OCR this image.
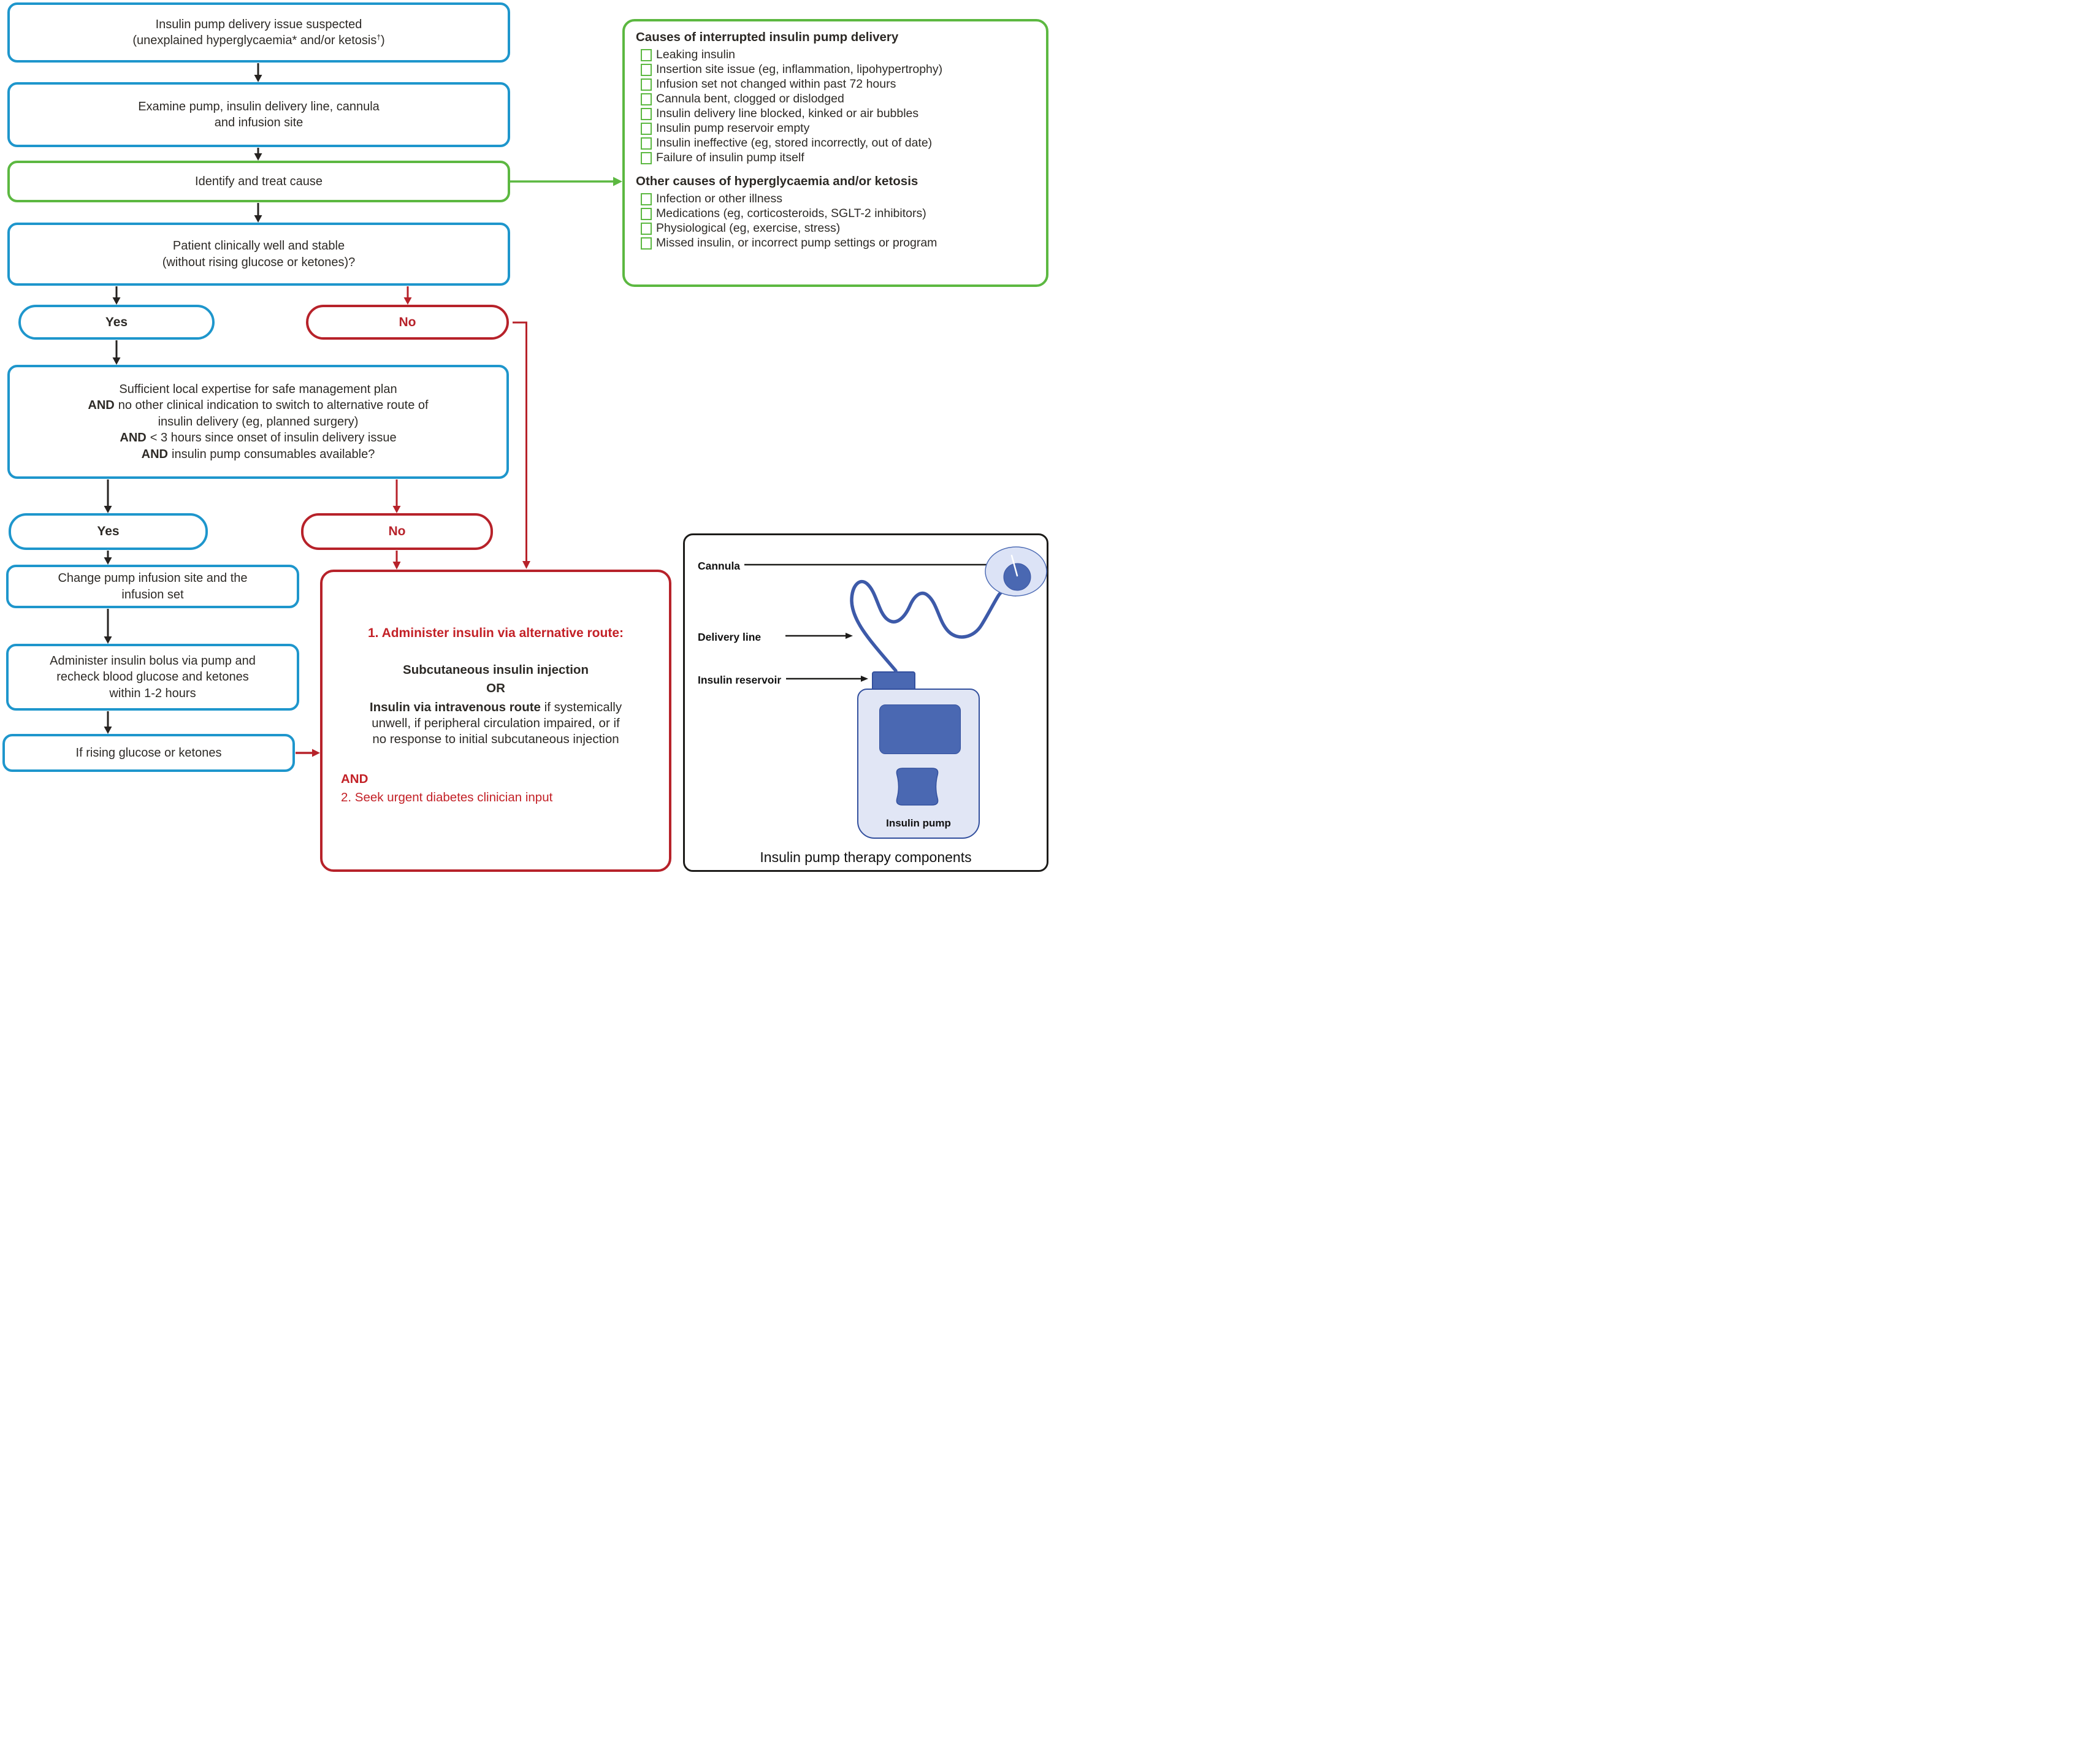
Insulin pump delivery issue suspected
(unexplained hyperglycaemia* and/or ketosis†)
Examine pump, insulin delivery line, cannula
and infusion site
Identify and treat cause
Patient clinically well and stable
(without rising glucose or ketones)?
Yes	No
Sufficient local expertise for safe management plan
AND no other clinical indication to switch to alternative route of
insulin delivery (eg, planned surgery)
AND < 3 hours since onset of insulin delivery issue
AND insulin pump consumables available?
Yes	No
Change pump infusion site and the
infusion set
Administer insulin bolus via pump and
recheck blood glucose and ketones
within 1-2 hours
If rising glucose or ketones
1. Administer insulin via alternative route:
Subcutaneous insulin injection
OR
Insulin via intravenous route if systemically
unwell, if peripheral circulation impaired, or if
no response to initial subcutaneous injection
AND
2. Seek urgent diabetes clinician input
Causes of interrupted insulin pump delivery
Leaking insulin
Insertion site issue (eg, inflammation, lipohypertrophy)
Infusion set not changed within past 72 hours
Cannula bent, clogged or dislodged
Insulin delivery line blocked, kinked or air bubbles
Insulin pump reservoir empty
Insulin ineffective (eg, stored incorrectly, out of date)
Failure of insulin pump itself
Other causes of hyperglycaemia and/or ketosis
Infection or other illness
Medications (eg, corticosteroids, SGLT-2 inhibitors)
Physiological (eg, exercise, stress)
Missed insulin, or incorrect pump settings or program
Cannula
Delivery line
Insulin reservoir
Insulin pump
Insulin pump therapy components
